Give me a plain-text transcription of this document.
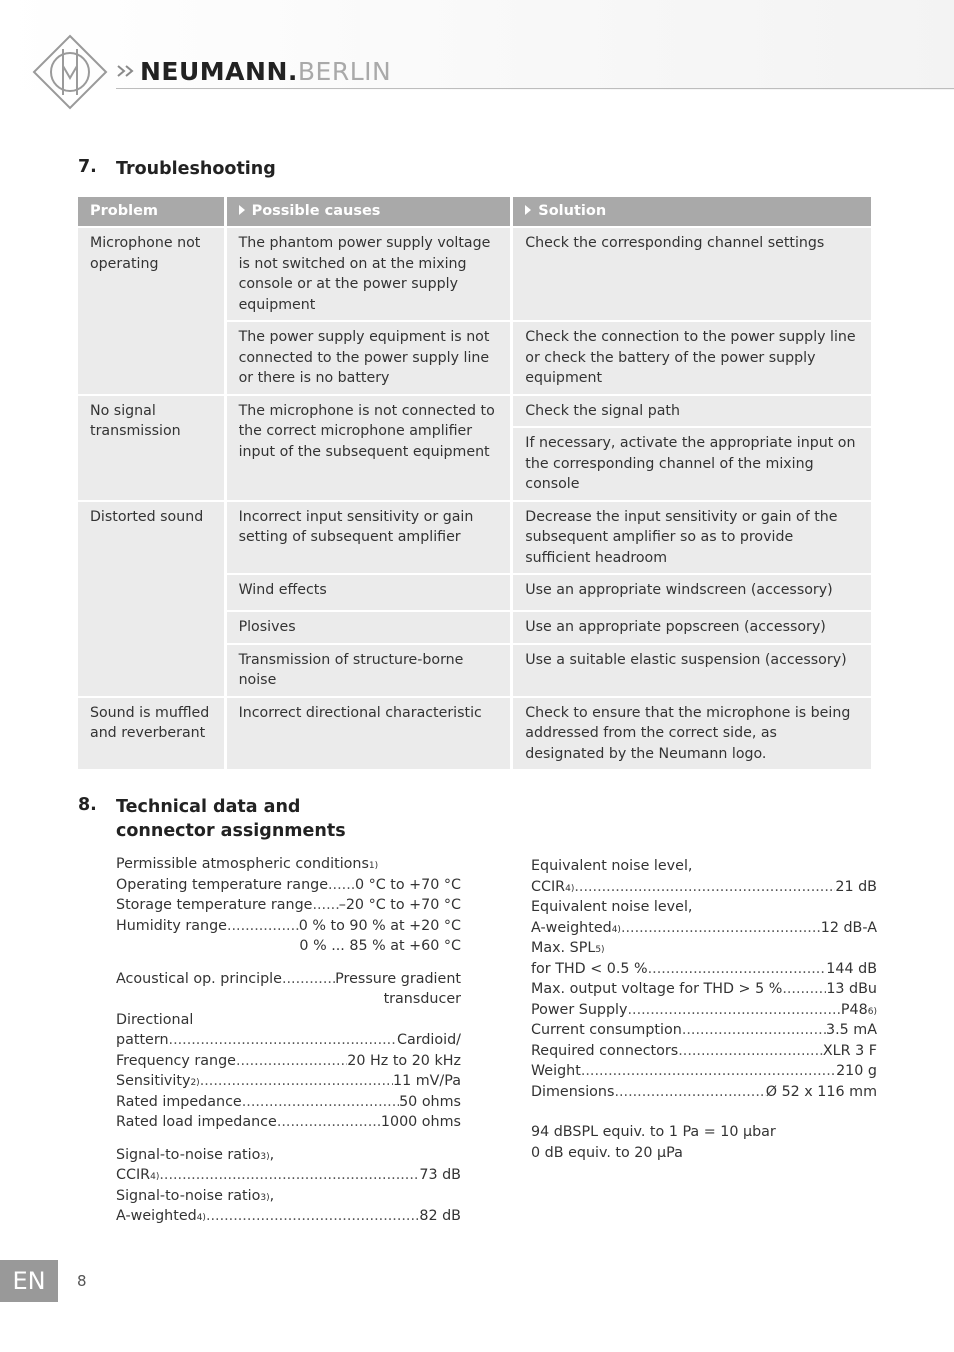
NEUMANN. BERLIN
7. Troubleshooting
Problem	Possible causes	Solution
Microphone not operating	The phantom power supply voltage is not switched on at the mixing console or at the power supply equipment	Check the corresponding channel settings
	The power supply equipment is not connected to the power supply line or there is no battery	Check the connection to the power supply line or check the battery of the power supply equipment
No signal transmission	The microphone is not connected to the correct microphone amplifier input of the subsequent equipment	Check the signal path
		If necessary, activate the appropriate input on the corresponding channel of the mixing console
Distorted sound	Incorrect input sensitivity or gain setting of subsequent amplifier	Decrease the input sensitivity or gain of the subsequent amplifier so as to provide sufficient headroom
	Wind effects	Use an appropriate windscreen (accessory)
	Plosives	Use an appropriate popscreen (accessory)
	Transmission of structure-borne noise	Use a suitable elastic suspension (accessory)
Sound is muffled and reverberant	Incorrect directional characteristic	Check to ensure that the microphone is being addressed from the correct side, as designated by the Neumann logo.
8. Technical data and
connector assignments
Permissible atmospheric conditions 1)
Operating temperature range ..... 0 °C to +70 °C
Storage temperature range ..... –20 °C to +70 °C
Humidity range .....	0 % to 90 % at +20 °C
0 % ... 85 % at +60 °C
Acoustical op. principle .....	Pressure gradient
transducer
Directional
pattern .....	Cardioid/
Frequency range .....	20 Hz to 20 kHz
Sensitivity 2) .....	11 mV/Pa
Rated impedance .....	50 ohms
Rated load impedance .....	1000 ohms
Signal-to-noise ratio 3) ,
CCIR 4) .....	73 dB
Signal-to-noise ratio 3) ,
A-weighted 4) .....	82 dB
Equivalent noise level,
CCIR 4) .....	21 dB
Equivalent noise level,
A-weighted 4) .....	12 dB-A
Max. SPL 5)
for THD < 0.5 % .....	144 dB
Max. output voltage for THD > 5 % .....	13 dBu
Power Supply .....	P48 6)
Current consumption .....	3.5 mA
Required connectors .....	XLR 3 F
Weight .....	210 g
Dimensions .....	Ø 52 x 116 mm
94 dBSPL equiv. to 1 Pa = 10 µbar
0 dB equiv. to 20 µPa
EN	8
